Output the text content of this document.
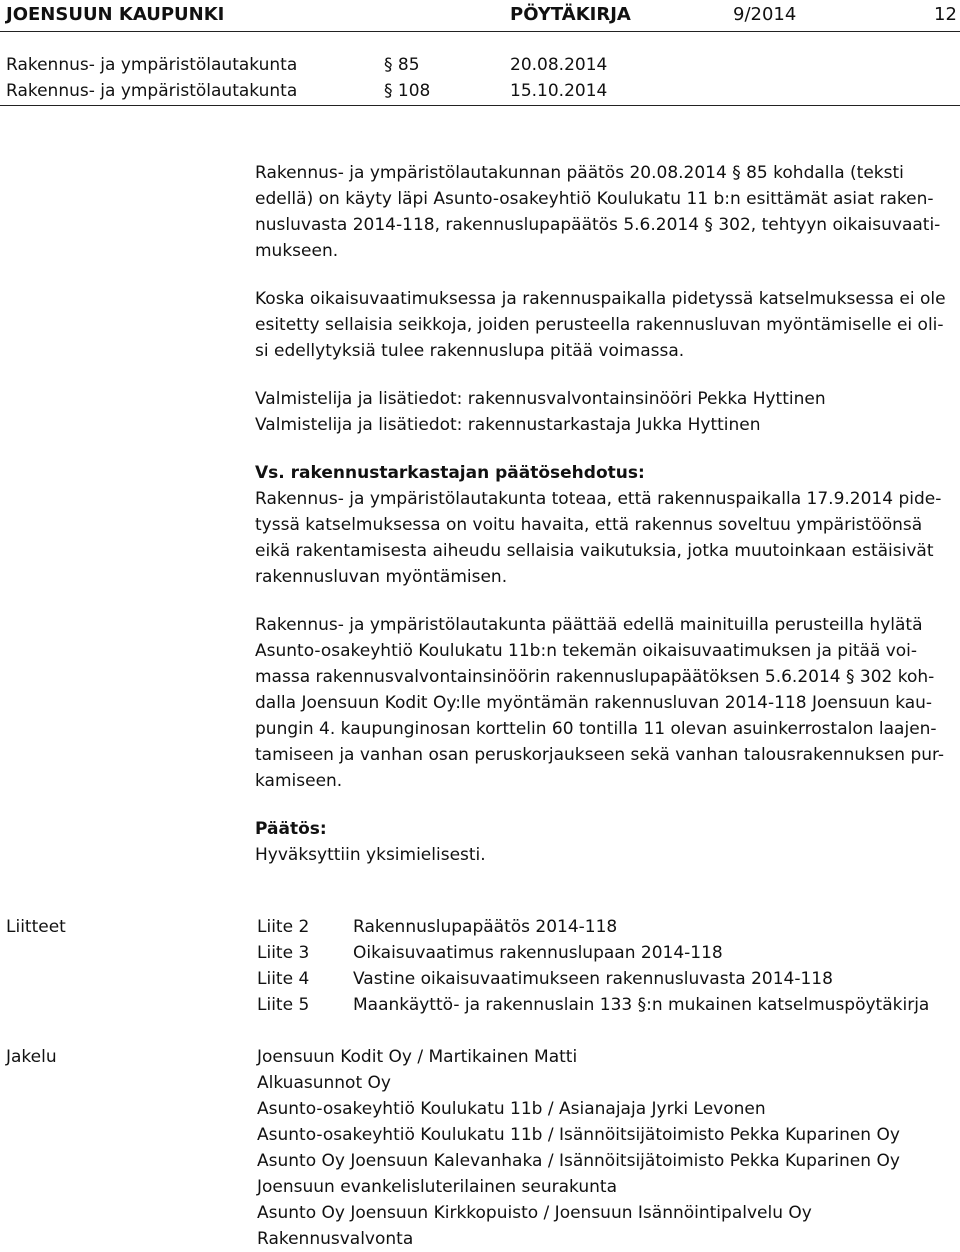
JOENSUUN KAUPUNKI	PÖYTÄKIRJA	9/2014	12
Rakennus- ja ympäristölautakunta	§ 85	20.08.2014
Rakennus- ja ympäristölautakunta	§ 108	15.10.2014
Rakennus- ja ympäristölautakunnan päätös 20.08.2014 § 85 kohdalla (teksti
edellä) on käyty läpi Asunto-osakeyhtiö Koulukatu 11 b:n esittämät asiat raken-
nusluvasta 2014-118, rakennuslupapäätös 5.6.2014 § 302, tehtyyn oikaisuvaati-
mukseen.
Koska oikaisuvaatimuksessa ja rakennuspaikalla pidetyssä katselmuksessa ei ole
esitetty sellaisia seikkoja, joiden perusteella rakennusluvan myöntämiselle ei oli-
si edellytyksiä tulee rakennuslupa pitää voimassa.
Valmistelija ja lisätiedot: rakennusvalvontainsinööri Pekka Hyttinen
Valmistelija ja lisätiedot: rakennustarkastaja Jukka Hyttinen
Vs. rakennustarkastajan päätösehdotus:
Rakennus- ja ympäristölautakunta toteaa, että rakennuspaikalla 17.9.2014 pide-
tyssä katselmuksessa on voitu havaita, että rakennus soveltuu ympäristöönsä
eikä rakentamisesta aiheudu sellaisia vaikutuksia, jotka muutoinkaan estäisivät
rakennusluvan myöntämisen.
Rakennus- ja ympäristölautakunta päättää edellä mainituilla perusteilla hylätä
Asunto-osakeyhtiö Koulukatu 11b:n tekemän oikaisuvaatimuksen ja pitää voi-
massa rakennusvalvontainsinöörin rakennuslupapäätöksen 5.6.2014 § 302 koh-
dalla Joensuun Kodit Oy:lle myöntämän rakennusluvan 2014-118 Joensuun kau-
pungin 4. kaupunginosan korttelin 60 tontilla 11 olevan asuinkerrostalon laajen-
tamiseen ja vanhan osan peruskorjaukseen sekä vanhan talousrakennuksen pur-
kamiseen.
Päätös:
Hyväksyttiin yksimielisesti.
Liitteet	Liite 2	Rakennuslupapäätös 2014-118
Liite 3	Oikaisuvaatimus rakennuslupaan 2014-118
Liite 4	Vastine oikaisuvaatimukseen rakennusluvasta 2014-118
Liite 5	Maankäyttö- ja rakennuslain 133 §:n mukainen katselmuspöytäkirja
Jakelu	Joensuun Kodit Oy / Martikainen Matti
Alkuasunnot Oy
Asunto-osakeyhtiö Koulukatu 11b / Asianajaja Jyrki Levonen
Asunto-osakeyhtiö Koulukatu 11b / Isännöitsijätoimisto Pekka Kuparinen Oy
Asunto Oy Joensuun Kalevanhaka / Isännöitsijätoimisto Pekka Kuparinen Oy
Joensuun evankelisluterilainen seurakunta
Asunto Oy Joensuun Kirkkopuisto / Joensuun Isännöintipalvelu Oy
Rakennusvalvonta
